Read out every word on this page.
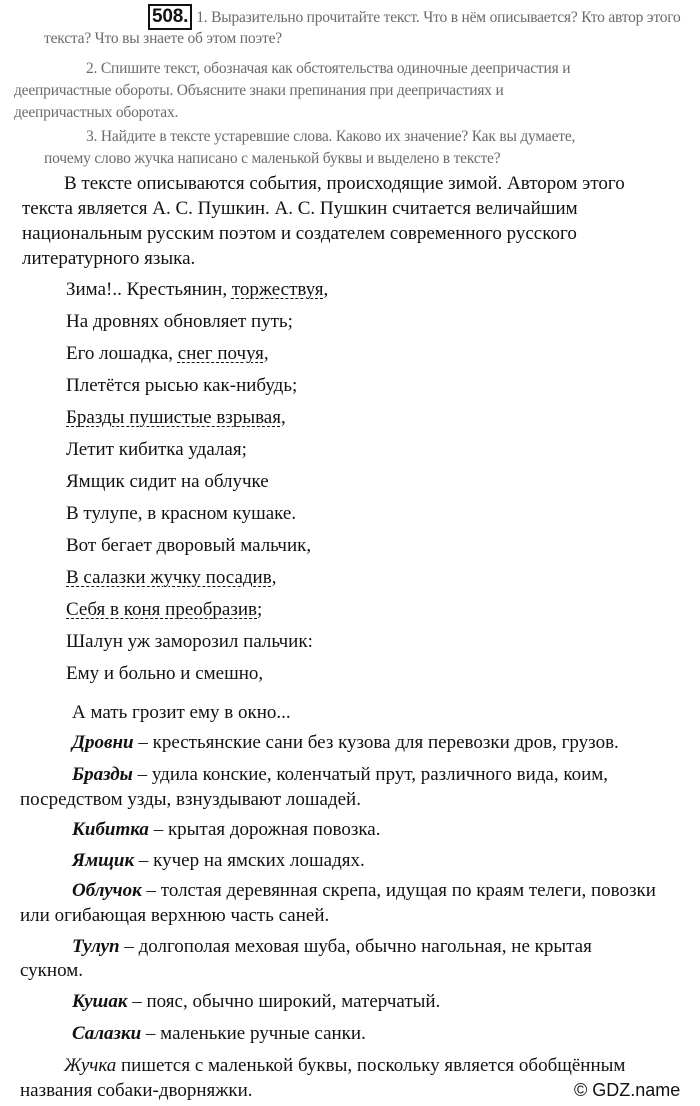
508. 1. Выразительно прочитайте текст. Что в нём описывается? Кто автор этого
текста? Что вы знаете об этом поэте?
2. Спишите текст, обозначая как обстоятельства одиночные деепричастия и
деепричастные обороты. Объясните знаки препинания при деепричастиях и
деепричастных оборотах.
3. Найдите в тексте устаревшие слова. Каково их значение? Как вы думаете,
почему слово жучка написано с маленькой буквы и выделено в тексте?
В тексте описываются события, происходящие зимой. Автором этого
текста является А. С. Пушкин. А. С. Пушкин считается величайшим
национальным русским поэтом и создателем современного русского
литературного языка.
Зима!.. Крестьянин, торжествуя,
На дровнях обновляет путь;
Его лошадка, снег почуя,
Плетётся рысью как-нибудь;
Бразды пушистые взрывая,
Летит кибитка удалая;
Ямщик сидит на облучке
В тулупе, в красном кушаке.
Вот бегает дворовый мальчик,
В салазки жучку посадив,
Себя в коня преобразив;
Шалун уж заморозил пальчик:
Ему и больно и смешно,
А мать грозит ему в окно...
Дровни – крестьянские сани без кузова для перевозки дров, грузов.
Бразды – удила конские, коленчатый прут, различного вида, коим,
посредством узды, взнуздывают лошадей.
Кибитка – крытая дорожная повозка.
Ямщик – кучер на ямских лошадях.
Облучок – толстая деревянная скрепа, идущая по краям телеги, повозки
или огибающая верхнюю часть саней.
Тулуп – долгополая меховая шуба, обычно нагольная, не крытая
сукном.
Кушак – пояс, обычно широкий, матерчатый.
Салазки – маленькие ручные санки.
Жучка пишется с маленькой буквы, поскольку является обобщённым
названия собаки-дворняжки.	© GDZ.name
